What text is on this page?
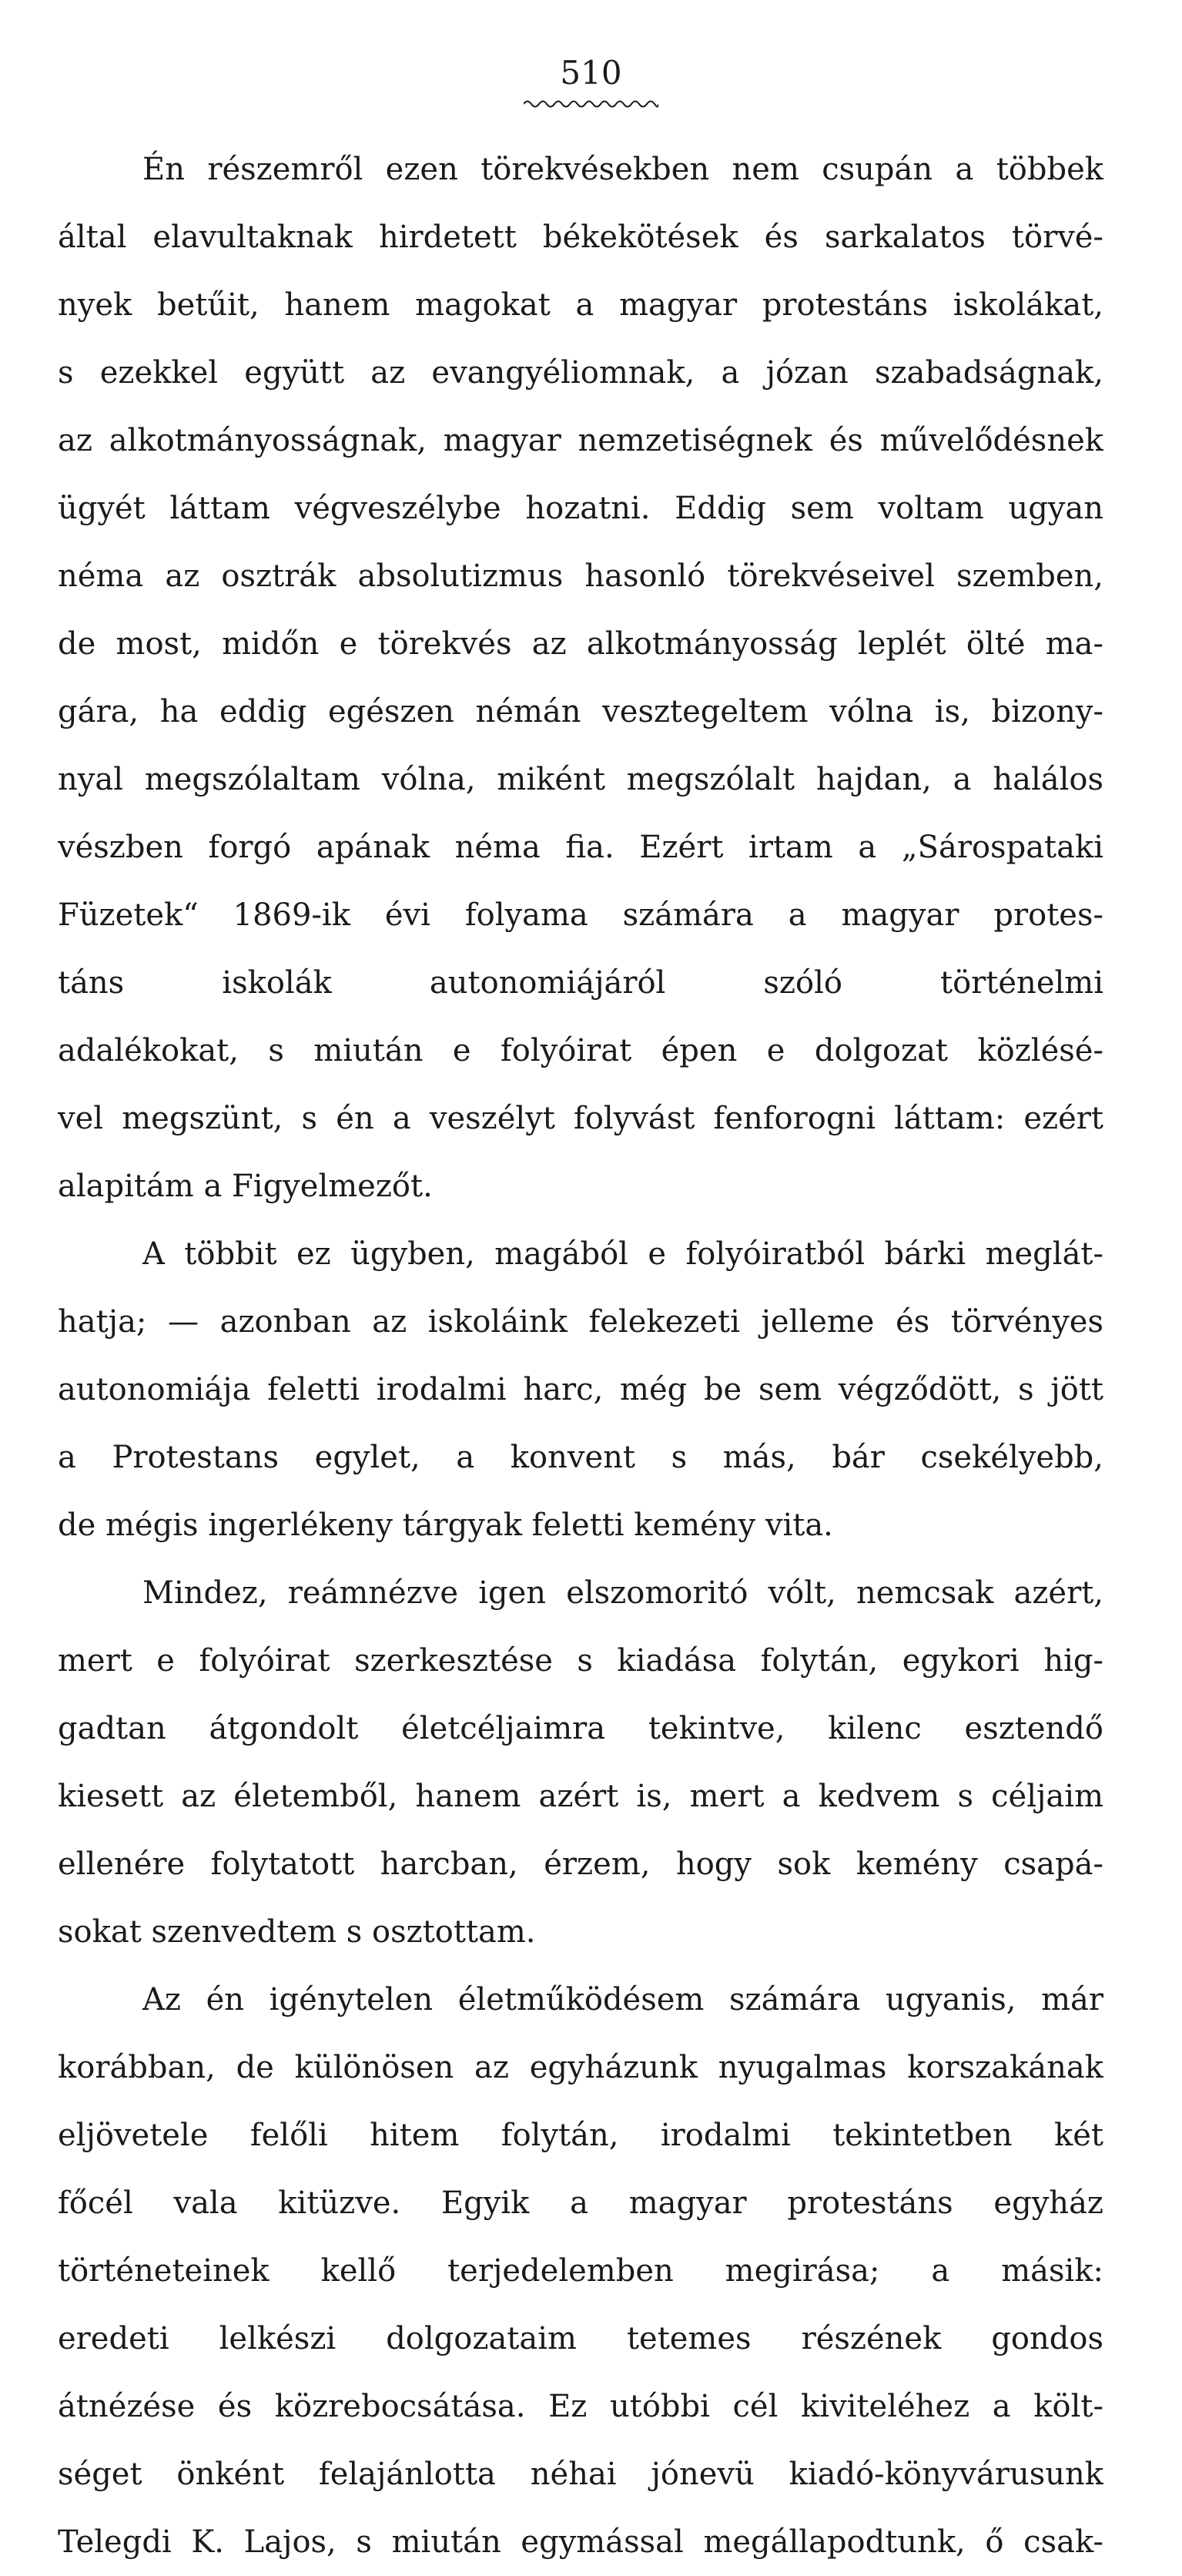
510
Én részemről ezen törekvésekben nem csupán a többek
által elavultaknak hirdetett békekötések és sarkalatos törvé-
nyek betűit, hanem magokat a magyar protestáns iskolákat,
s ezekkel együtt az evangyéliomnak, a józan szabadságnak,
az alkotmányosságnak, magyar nemzetiségnek és művelődésnek
ügyét láttam végveszélybe hozatni. Eddig sem voltam ugyan
néma az osztrák absolutizmus hasonló törekvéseivel szemben,
de most, midőn e törekvés az alkotmányosság leplét ölté ma-
gára, ha eddig egészen némán vesztegeltem vólna is, bizony-
nyal megszólaltam vólna, miként megszólalt hajdan, a halálos
vészben forgó apának néma fia. Ezért irtam a „Sárospataki
Füzetek“ 1869-ik évi folyama számára a magyar protes-
táns iskolák autonomiájáról szóló történelmi
adalékokat, s miután e folyóirat épen e dolgozat közlésé-
vel megszünt, s én a veszélyt folyvást fenforogni láttam: ezért
alapitám a Figyelmezőt.
A többit ez ügyben, magából e folyóiratból bárki meglát-
hatja; — azonban az iskoláink felekezeti jelleme és törvényes
autonomiája feletti irodalmi harc, még be sem végződött, s jött
a Protestans egylet, a konvent s más, bár csekélyebb,
de mégis ingerlékeny tárgyak feletti kemény vita.
Mindez, reámnézve igen elszomoritó vólt, nemcsak azért,
mert e folyóirat szerkesztése s kiadása folytán, egykori hig-
gadtan átgondolt életcéljaimra tekintve, kilenc esztendő
kiesett az életemből, hanem azért is, mert a kedvem s céljaim
ellenére folytatott harcban, érzem, hogy sok kemény csapá-
sokat szenvedtem s osztottam.
Az én igénytelen életműködésem számára ugyanis, már
korábban, de különösen az egyházunk nyugalmas korszakának
eljövetele felőli hitem folytán, irodalmi tekintetben két
főcél vala kitüzve. Egyik a magyar protestáns egyház
történeteinek kellő terjedelemben megirása; a másik:
eredeti lelkészi dolgozataim tetemes részének gondos
átnézése és közrebocsátása. Ez utóbbi cél kiviteléhez a költ-
séget önként felajánlotta néhai jónevü kiadó-könyvárusunk
Telegdi K. Lajos, s miután egymással megállapodtunk, ő csak-
